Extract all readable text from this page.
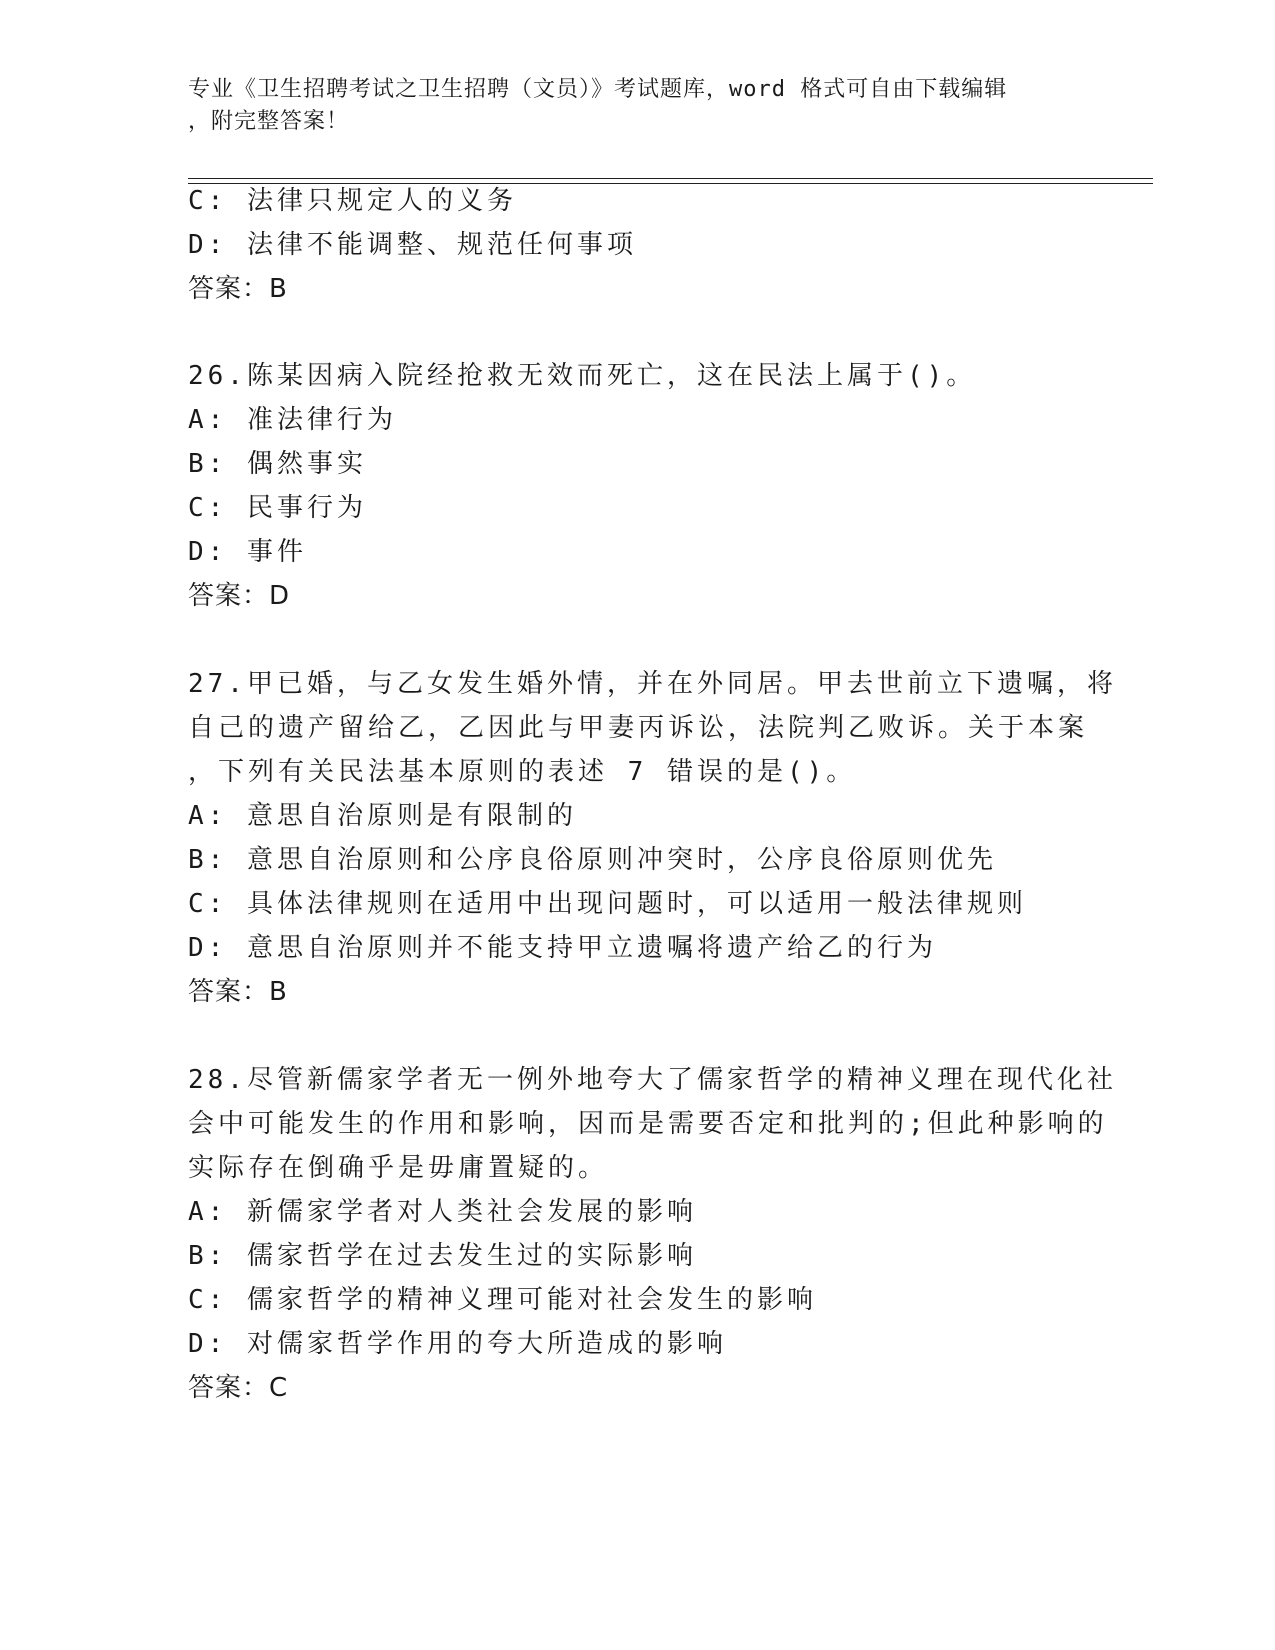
专业《卫生招聘考试之卫生招聘（文员）》考试题库，word 格式可自由下载编辑
，附完整答案！
C: 法律只规定人的义务
D: 法律不能调整、规范任何事项
答案：B
26.陈某因病入院经抢救无效而死亡，这在民法上属于()。
A: 准法律行为
B: 偶然事实
C: 民事行为
D: 事件
答案：D
27.甲已婚，与乙女发生婚外情，并在外同居。甲去世前立下遗嘱，将
自己的遗产留给乙，乙因此与甲妻丙诉讼，法院判乙败诉。关于本案
，下列有关民法基本原则的表述 7 错误的是()。
A: 意思自治原则是有限制的
B: 意思自治原则和公序良俗原则冲突时，公序良俗原则优先
C: 具体法律规则在适用中出现问题时，可以适用一般法律规则
D: 意思自治原则并不能支持甲立遗嘱将遗产给乙的行为
答案：B
28.尽管新儒家学者无一例外地夸大了儒家哲学的精神义理在现代化社
会中可能发生的作用和影响，因而是需要否定和批判的;但此种影响的
实际存在倒确乎是毋庸置疑的。
A: 新儒家学者对人类社会发展的影响
B: 儒家哲学在过去发生过的实际影响
C: 儒家哲学的精神义理可能对社会发生的影响
D: 对儒家哲学作用的夸大所造成的影响
答案：C
